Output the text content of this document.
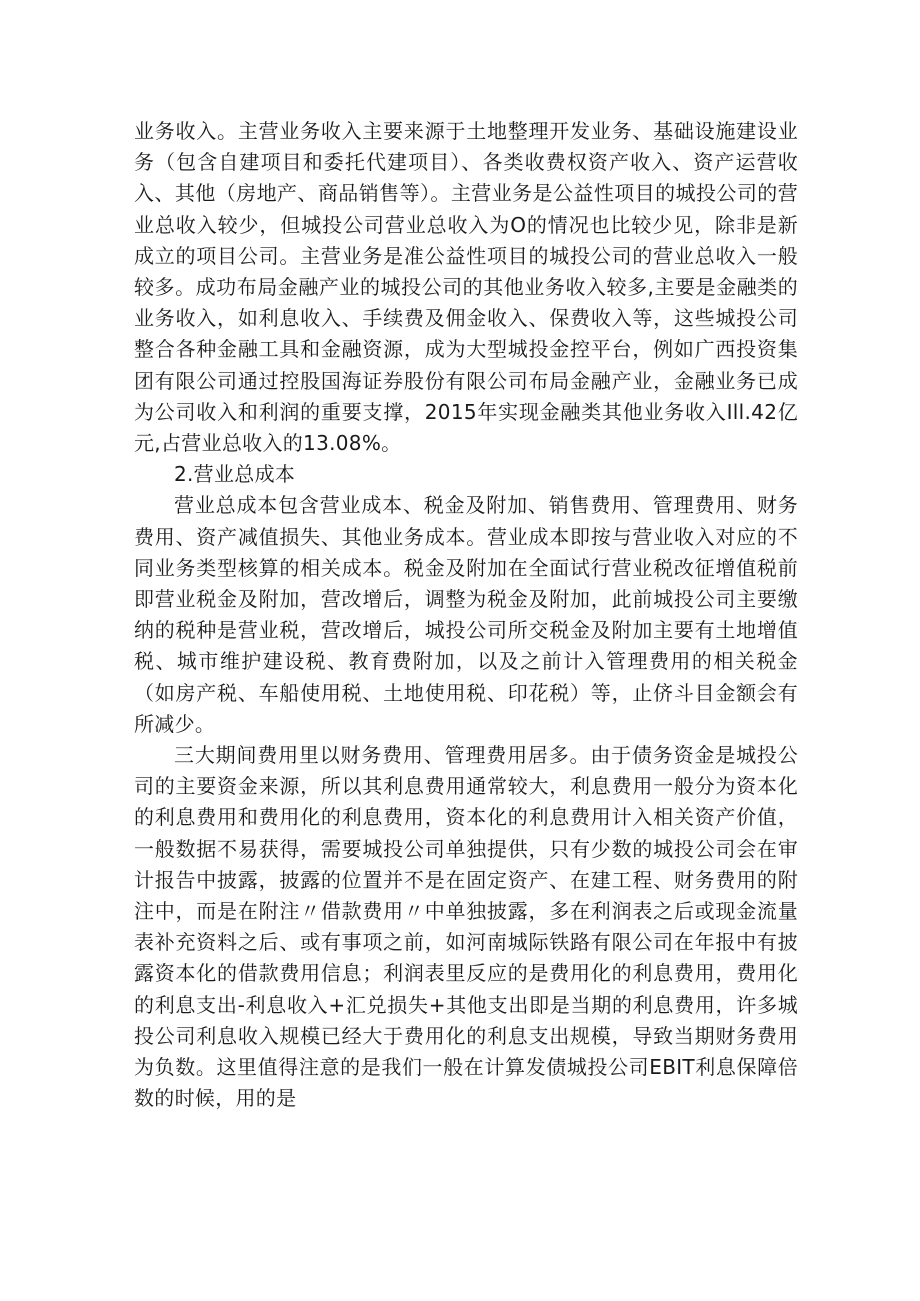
业务收入。主营业务收入主要来源于土地整理开发业务、基础设施建设业务（包含自建项目和委托代建项目）、各类收费权资产收入、资产运营收入、其他（房地产、商品销售等）。主营业务是公益性项目的城投公司的营业总收入较少，但城投公司营业总收入为O的情况也比较少见，除非是新成立的项目公司。主营业务是准公益性项目的城投公司的营业总收入一般较多。成功布局金融产业的城投公司的其他业务收入较多,主要是金融类的业务收入，如利息收入、手续费及佣金收入、保费收入等，这些城投公司整合各种金融工具和金融资源，成为大型城投金控平台，例如广西投资集团有限公司通过控股国海证券股份有限公司布局金融产业，金融业务已成为公司收入和利润的重要支撑，2015年实现金融类其他业务收入Ill.42亿元,占营业总收入的13.08%。

2.营业总成本

营业总成本包含营业成本、税金及附加、销售费用、管理费用、财务费用、资产减值损失、其他业务成本。营业成本即按与营业收入对应的不同业务类型核算的相关成本。税金及附加在全面试行营业税改征增值税前即营业税金及附加，营改增后，调整为税金及附加，此前城投公司主要缴纳的税种是营业税，营改增后，城投公司所交税金及附加主要有土地增值税、城市维护建设税、教育费附加，以及之前计入管理费用的相关税金（如房产税、车船使用税、土地使用税、印花税）等，止侪斗目金额会有所减少。

三大期间费用里以财务费用、管理费用居多。由于债务资金是城投公司的主要资金来源，所以其利息费用通常较大，利息费用一般分为资本化的利息费用和费用化的利息费用，资本化的利息费用计入相关资产价值，一般数据不易获得，需要城投公司单独提供，只有少数的城投公司会在审计报告中披露，披露的位置并不是在固定资产、在建工程、财务费用的附注中，而是在附注〃借款费用〃中单独披露，多在利润表之后或现金流量表补充资料之后、或有事项之前，如河南城际铁路有限公司在年报中有披露资本化的借款费用信息；利润表里反应的是费用化的利息费用，费用化的利息支出-利息收入+汇兑损失+其他支出即是当期的利息费用，许多城投公司利息收入规模已经大于费用化的利息支出规模，导致当期财务费用为负数。这里值得注意的是我们一般在计算发债城投公司EBIT利息保障倍数的时候，用的是
